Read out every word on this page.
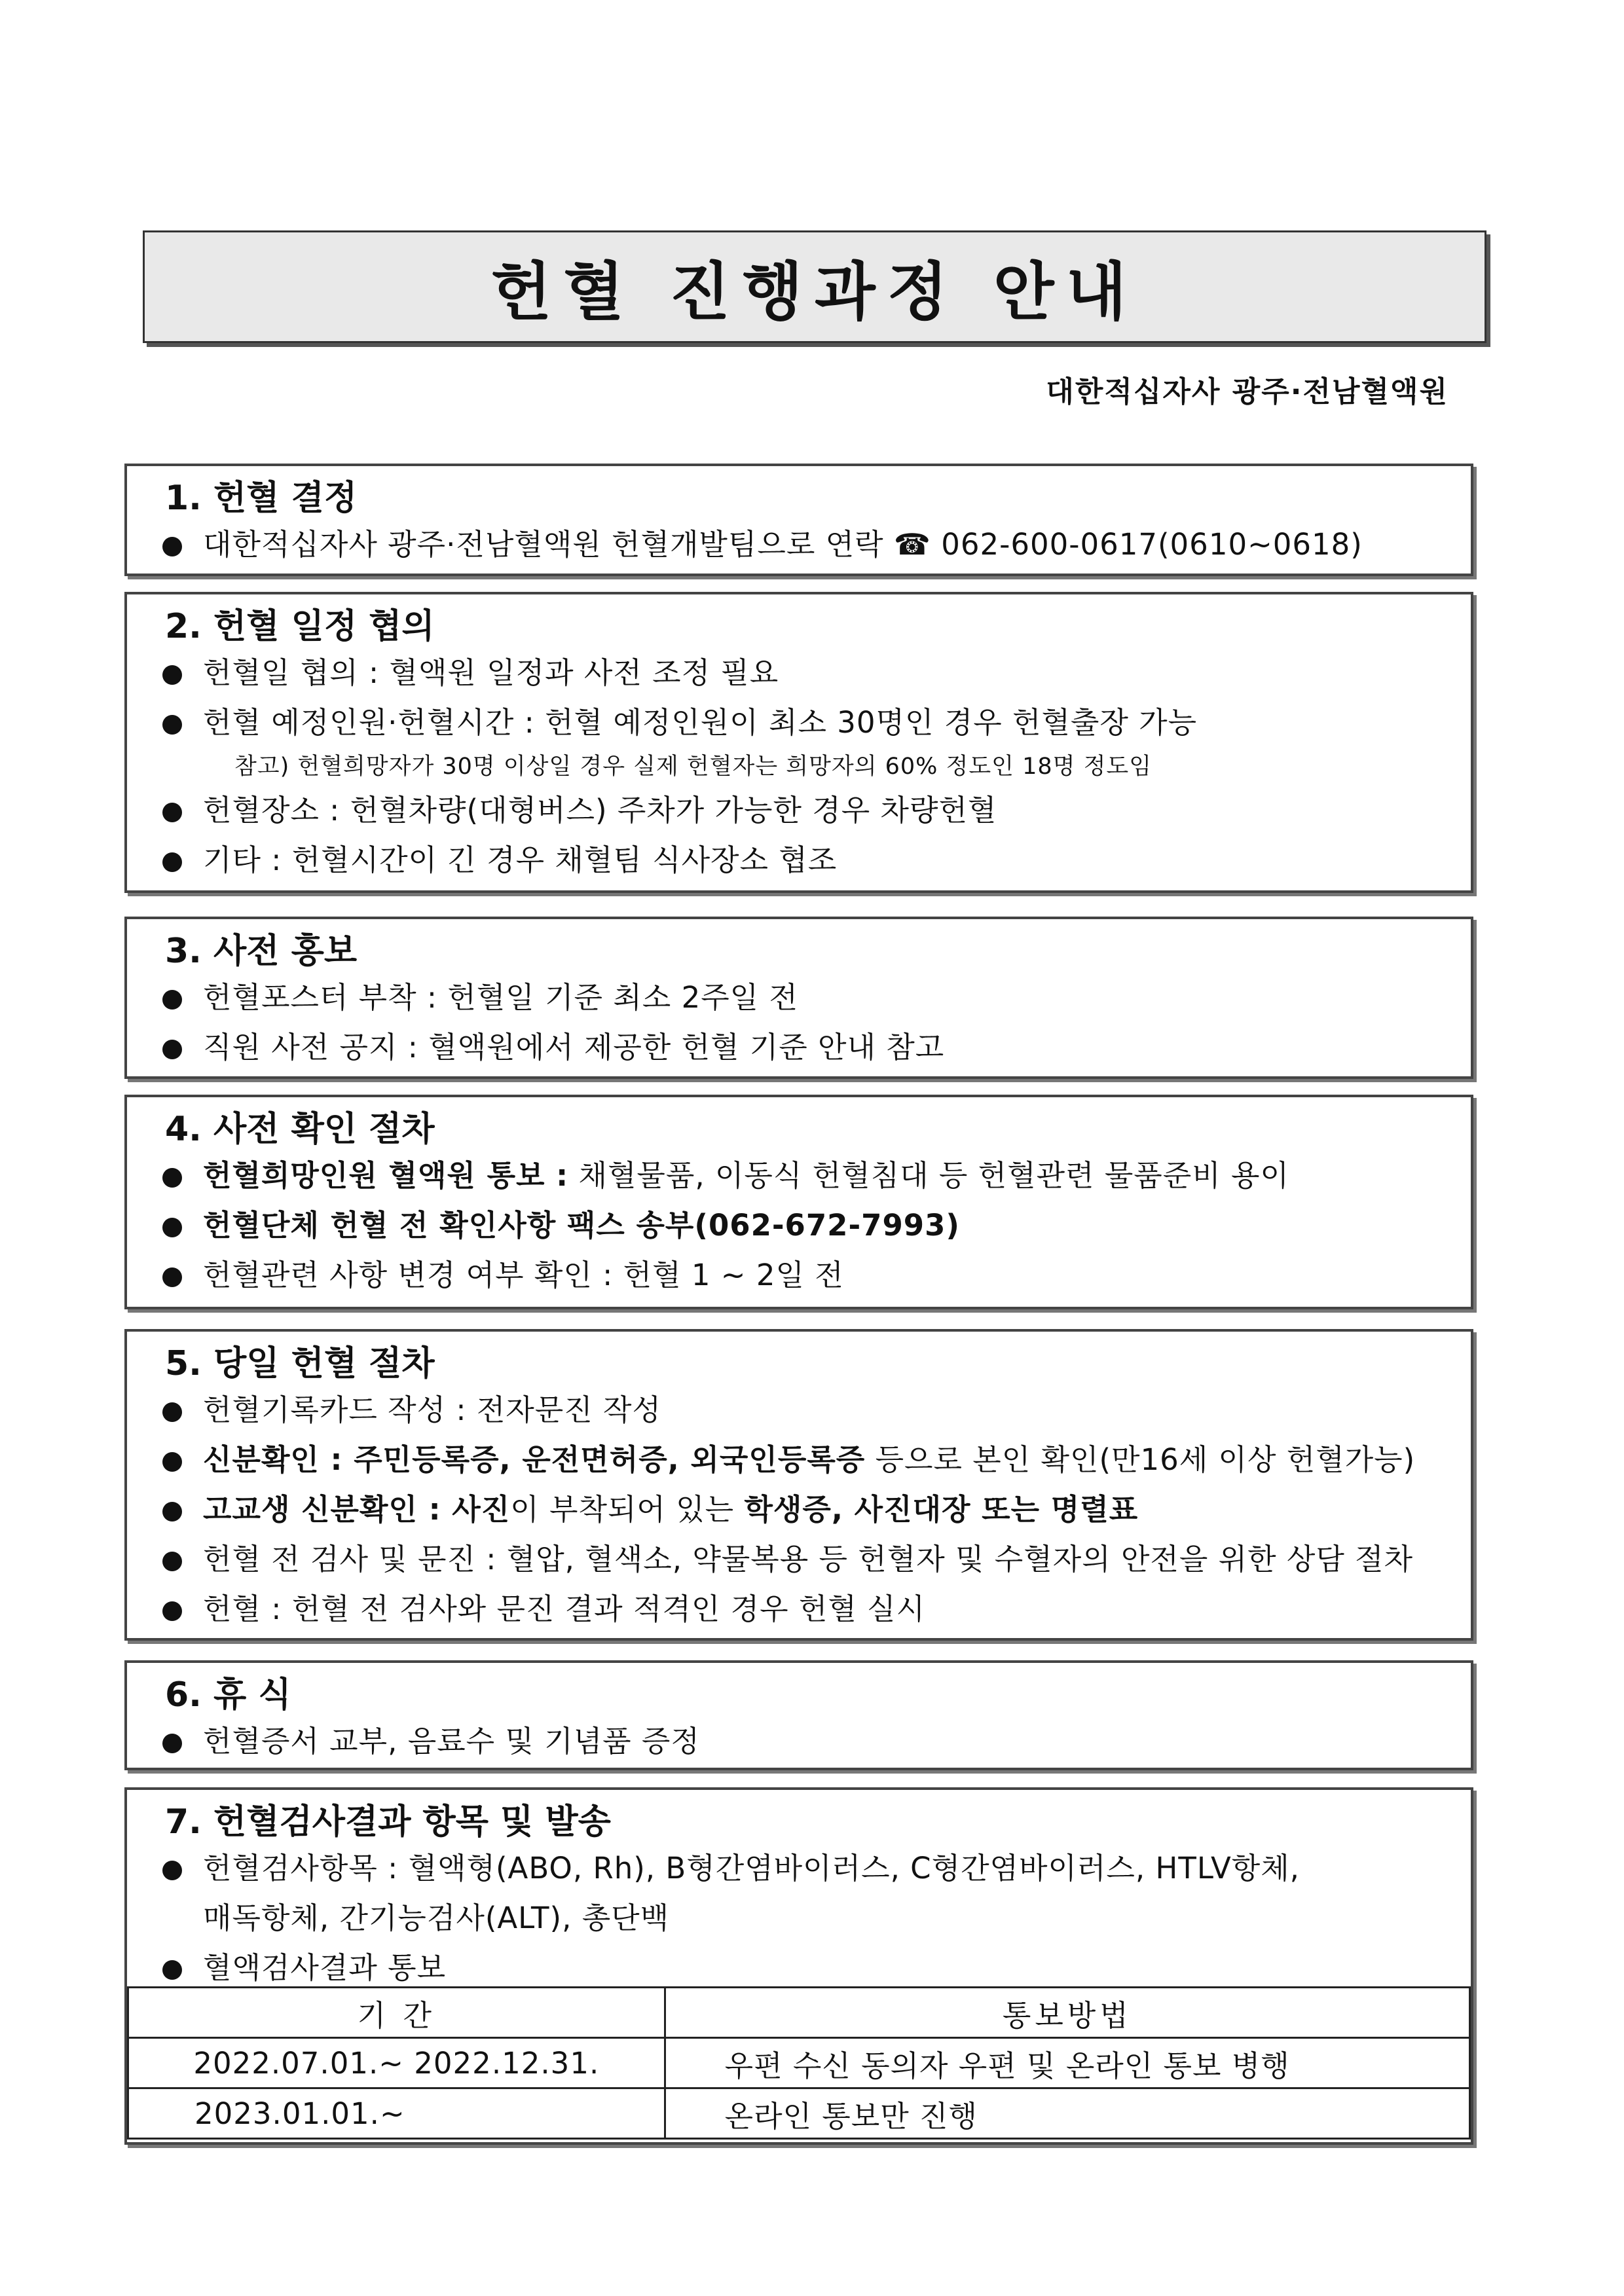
헌혈 진행과정 안내
대한적십자사 광주·전남혈액원
1. 헌혈 결정
대한적십자사 광주·전남혈액원 헌혈개발팀으로 연락 ☎ 062-600-0617(0610~0618)
2. 헌혈 일정 협의
헌혈일 협의 : 혈액원 일정과 사전 조정 필요
헌혈 예정인원·헌혈시간 : 헌혈 예정인원이 최소 30명인 경우 헌혈출장 가능
참고) 헌혈희망자가 30명 이상일 경우 실제 헌혈자는 희망자의 60% 정도인 18명 정도임
헌혈장소 : 헌혈차량(대형버스) 주차가 가능한 경우 차량헌혈
기타 : 헌혈시간이 긴 경우 채혈팀 식사장소 협조
3. 사전 홍보
헌혈포스터 부착 : 헌혈일 기준 최소 2주일 전
직원 사전 공지 : 혈액원에서 제공한 헌혈 기준 안내 참고
4. 사전 확인 절차
헌혈희망인원 혈액원 통보 : 채혈물품, 이동식 헌혈침대 등 헌혈관련 물품준비 용이
헌혈단체 헌혈 전 확인사항 팩스 송부(062-672-7993)
헌혈관련 사항 변경 여부 확인 : 헌혈 1 ~ 2일 전
5. 당일 헌혈 절차
헌혈기록카드 작성 : 전자문진 작성
신분확인 : 주민등록증, 운전면허증, 외국인등록증 등으로 본인 확인(만16세 이상 헌혈가능)
고교생 신분확인 : 사진이 부착되어 있는 학생증, 사진대장 또는 명렬표
헌혈 전 검사 및 문진 : 혈압, 혈색소, 약물복용 등 헌혈자 및 수혈자의 안전을 위한 상담 절차
헌혈 : 헌혈 전 검사와 문진 결과 적격인 경우 헌혈 실시
6. 휴 식
헌혈증서 교부, 음료수 및 기념품 증정
7. 헌혈검사결과 항목 및 발송
헌혈검사항목 : 혈액형(ABO, Rh), B형간염바이러스, C형간염바이러스, HTLV항체,
매독항체, 간기능검사(ALT), 총단백
혈액검사결과 통보
기 간	통보방법
2022.07.01.~ 2022.12.31.	우편 수신 동의자 우편 및 온라인 통보 병행
2023.01.01.~	온라인 통보만 진행
